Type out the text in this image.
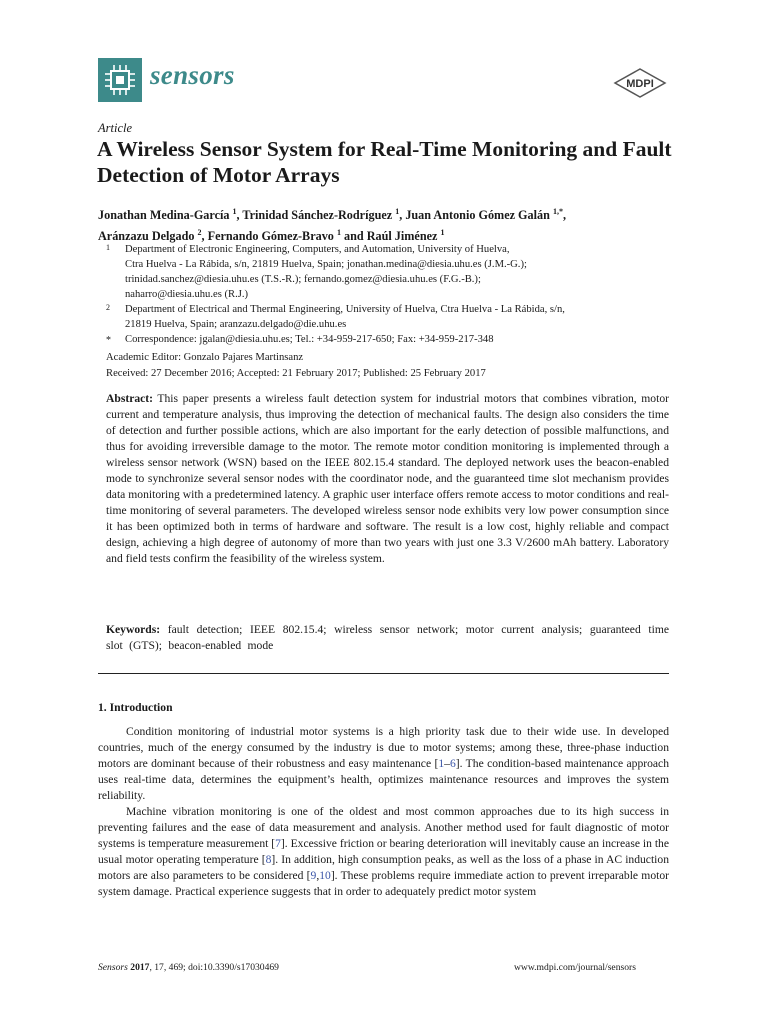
sensors	MDPI
Article
A Wireless Sensor System for Real-Time Monitoring and Fault Detection of Motor Arrays
Jonathan Medina-García $^1$, Trinidad Sánchez-Rodríguez $^1$, Juan Antonio Gómez Galán $^{1,*}$,
Aránzazu Delgado $^2$, Fernando Gómez-Bravo $^1$ and Raúl Jiménez $^1$
1 Department of Electronic Engineering, Computers, and Automation, University of Huelva,
Ctra Huelva - La Rábida, s/n, 21819 Huelva, Spain; jonathan.medina@diesia.uhu.es (J.M.-G.);
trinidad.sanchez@diesia.uhu.es (T.S.-R.); fernando.gomez@diesia.uhu.es (F.G.-B.);
naharro@diesia.uhu.es (R.J.)
2 Department of Electrical and Thermal Engineering, University of Huelva, Ctra Huelva - La Rábida, s/n,
21819 Huelva, Spain; aranzazu.delgado@die.uhu.es
* Correspondence: jgalan@diesia.uhu.es; Tel.: +34-959-217-650; Fax: +34-959-217-348
Academic Editor: Gonzalo Pajares Martinsanz
Received: 27 December 2016; Accepted: 21 February 2017; Published: 25 February 2017
Abstract: This paper presents a wireless fault detection system for industrial motors that combines vibration, motor current and temperature analysis, thus improving the detection of mechanical faults. The design also considers the time of detection and further possible actions, which are also important for the early detection of possible malfunctions, and thus for avoiding irreversible damage to the motor. The remote motor condition monitoring is implemented through a wireless sensor network (WSN) based on the IEEE 802.15.4 standard. The deployed network uses the beacon-enabled mode to synchronize several sensor nodes with the coordinator node, and the guaranteed time slot mechanism provides data monitoring with a predetermined latency. A graphic user interface offers remote access to motor conditions and real-time monitoring of several parameters. The developed wireless sensor node exhibits very low power consumption since it has been optimized both in terms of hardware and software. The result is a low cost, highly reliable and compact design, achieving a high degree of autonomy of more than two years with just one 3.3 V/2600 mAh battery. Laboratory and field tests confirm the feasibility of the wireless system.
Keywords: fault detection; IEEE 802.15.4; wireless sensor network; motor current analysis; guaranteed time slot (GTS); beacon-enabled mode
1. Introduction

Condition monitoring of industrial motor systems is a high priority task due to their wide use. In developed countries, much of the energy consumed by the industry is due to motor systems; among these, three-phase induction motors are dominant because of their robustness and easy maintenance [1–6]. The condition-based maintenance approach uses real-time data, determines the equipment’s health, optimizes maintenance resources and improves the system reliability.

Machine vibration monitoring is one of the oldest and most common approaches due to its high success in preventing failures and the ease of data measurement and analysis. Another method used for fault diagnostic of motor systems is temperature measurement [7]. Excessive friction or bearing deterioration will inevitably cause an increase in the usual motor operating temperature [8]. In addition, high consumption peaks, as well as the loss of a phase in AC induction motors are also parameters to be considered [9,10]. These problems require immediate action to prevent irreparable motor system damage. Practical experience suggests that in order to adequately predict motor system

Sensors 2017, 17, 469; doi:10.3390/s17030469	www.mdpi.com/journal/sensors
